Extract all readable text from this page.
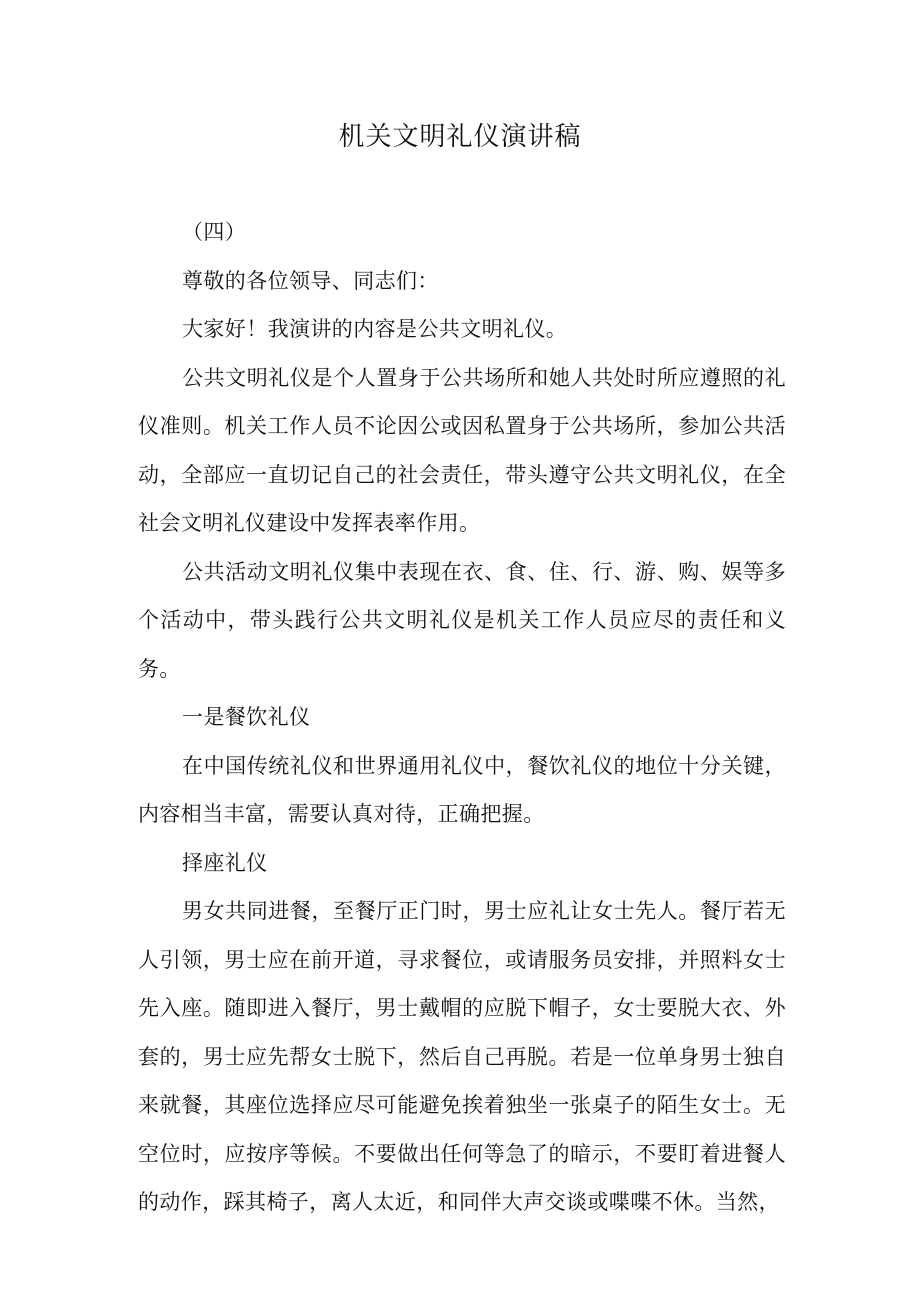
机关文明礼仪演讲稿

（四）

尊敬的各位领导、同志们：

大家好！我演讲的内容是公共文明礼仪。

公共文明礼仪是个人置身于公共场所和她人共处时所应遵照的礼仪准则。机关工作人员不论因公或因私置身于公共场所，参加公共活动，全部应一直切记自己的社会责任，带头遵守公共文明礼仪，在全社会文明礼仪建设中发挥表率作用。

公共活动文明礼仪集中表现在衣、食、住、行、游、购、娱等多个活动中，带头践行公共文明礼仪是机关工作人员应尽的责任和义务。

一是餐饮礼仪

在中国传统礼仪和世界通用礼仪中，餐饮礼仪的地位十分关键，内容相当丰富，需要认真对待，正确把握。

择座礼仪

男女共同进餐，至餐厅正门时，男士应礼让女士先人。餐厅若无人引领，男士应在前开道，寻求餐位，或请服务员安排，并照料女士先入座。随即进入餐厅，男士戴帽的应脱下帽子，女士要脱大衣、外套的，男士应先帮女士脱下，然后自己再脱。若是一位单身男士独自来就餐，其座位选择应尽可能避免挨着独坐一张桌子的陌生女士。无空位时，应按序等候。不要做出任何等急了的暗示，不要盯着进餐人的动作，踩其椅子，离人太近，和同伴大声交谈或喋喋不休。当然，
